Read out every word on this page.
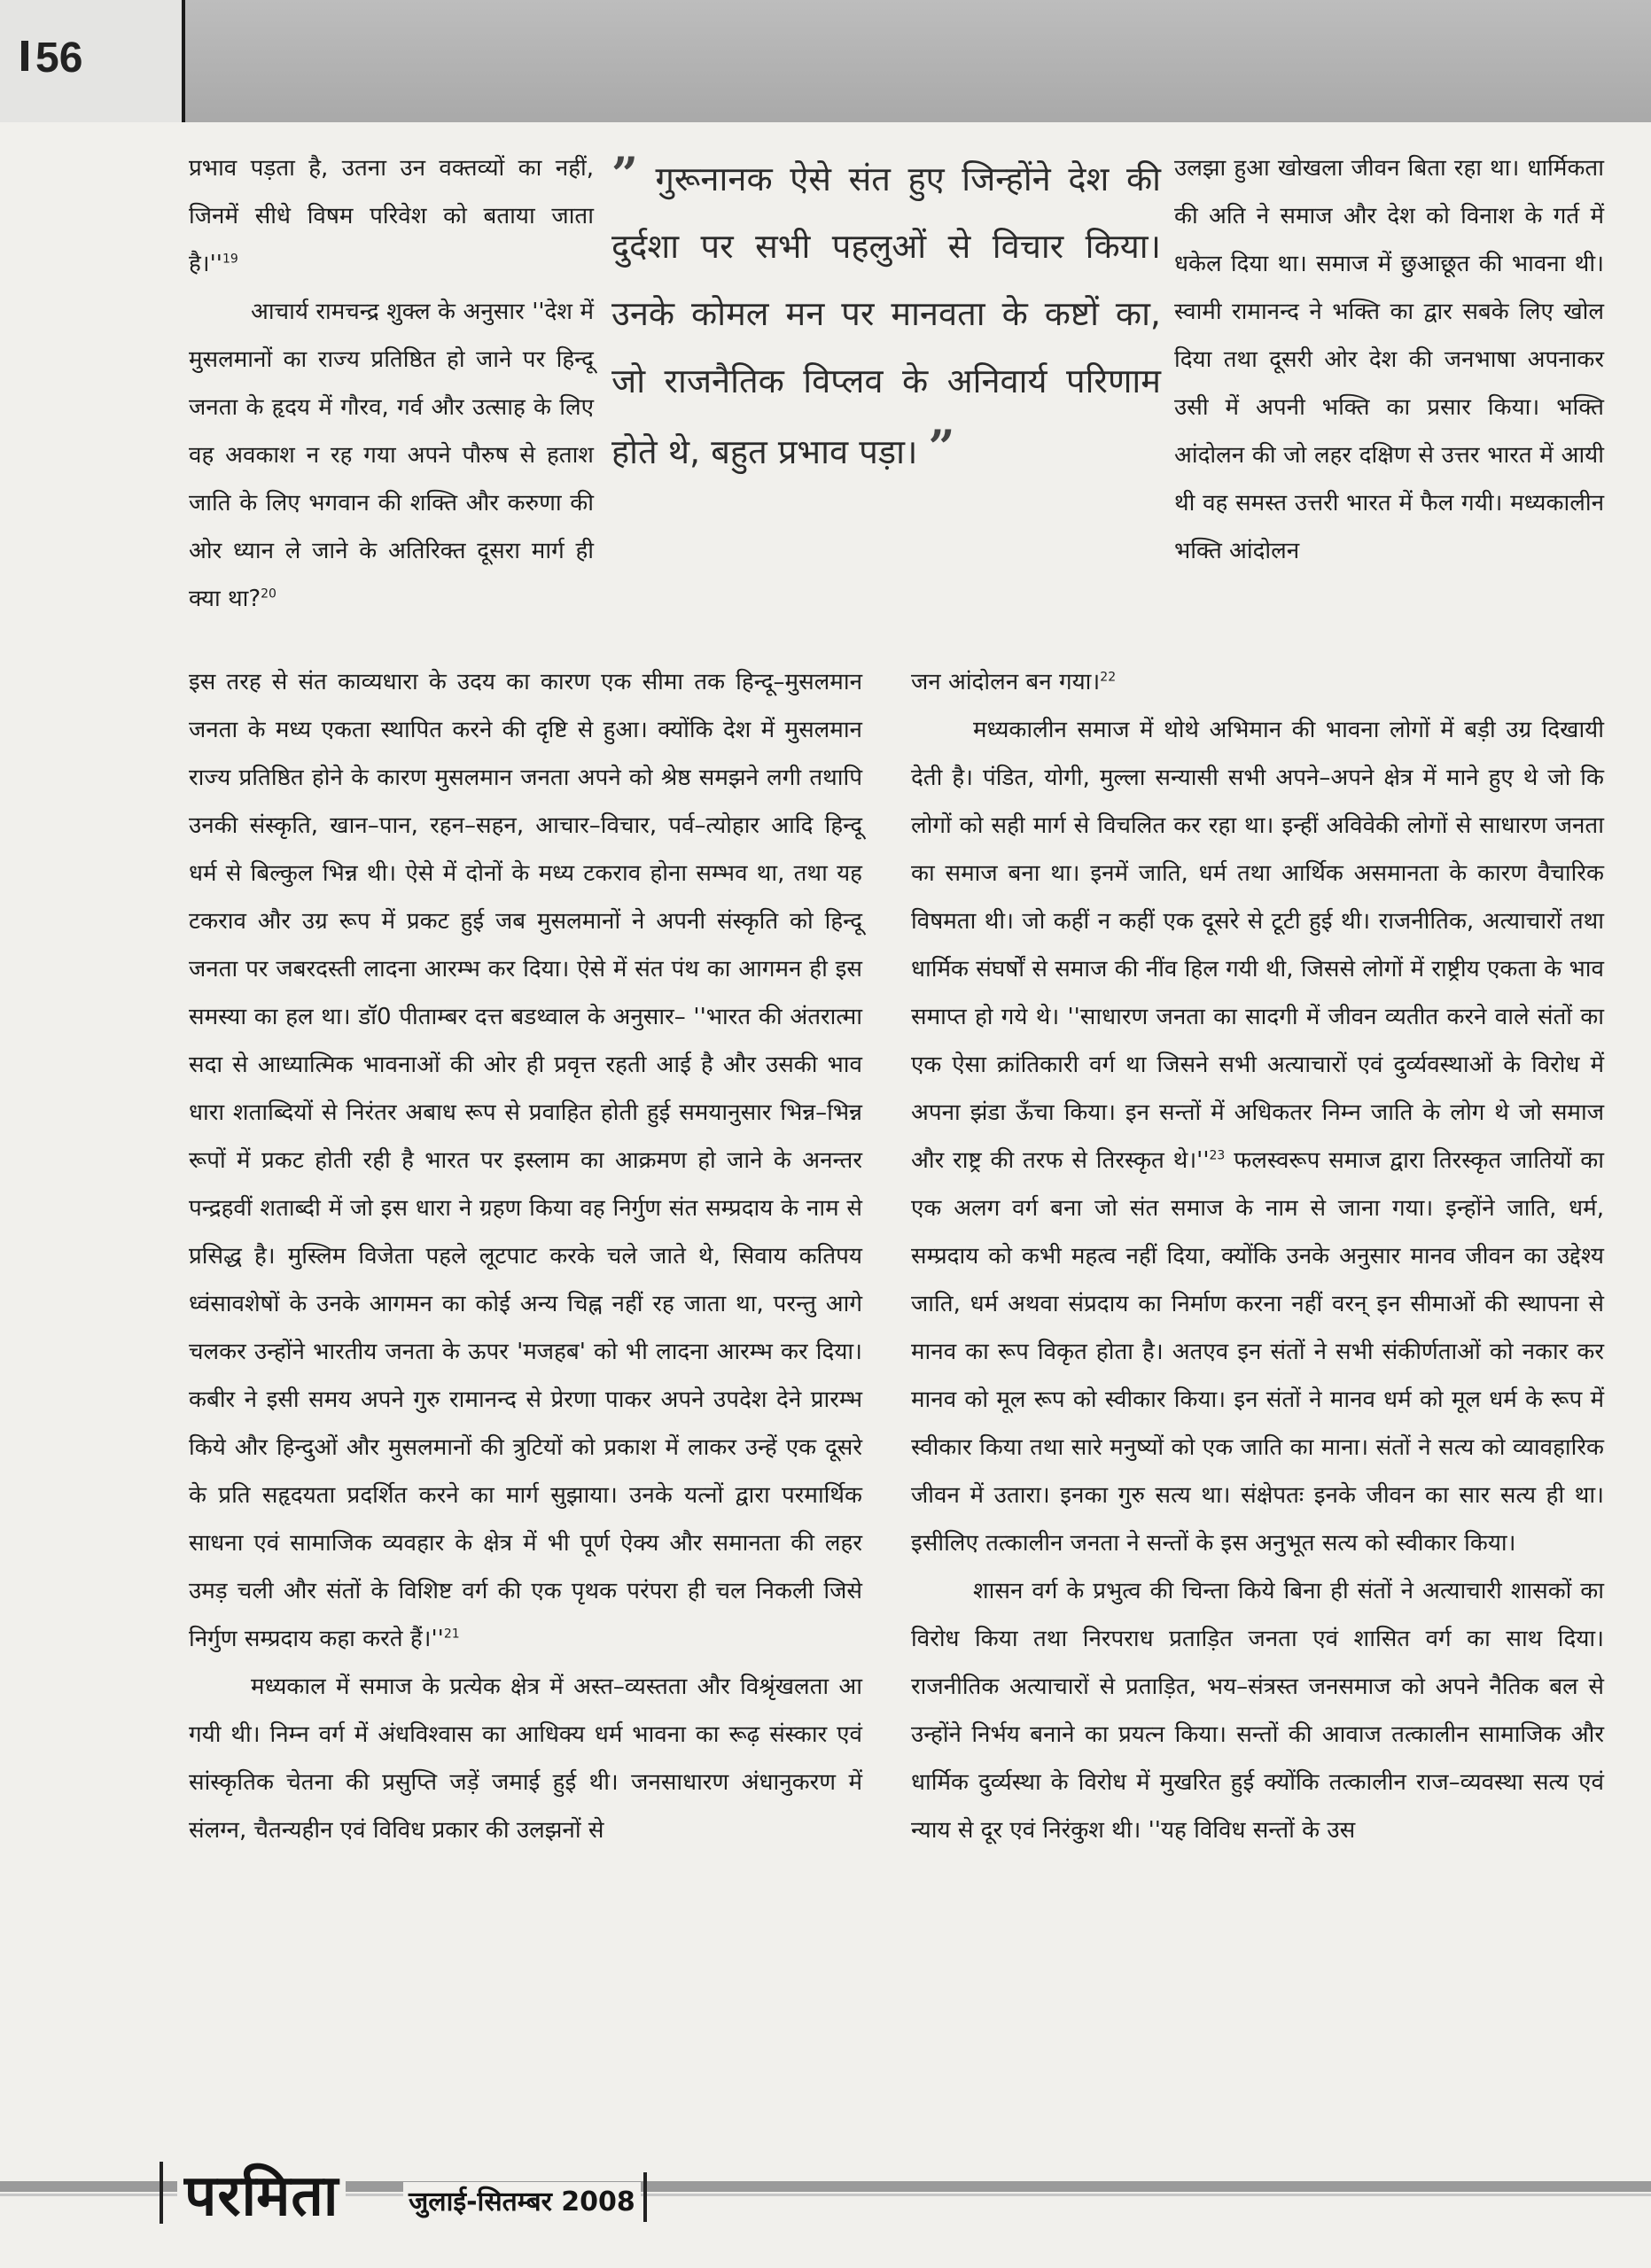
56

प्रभाव पड़ता है, उतना उन वक्तव्यों का नहीं, जिनमें सीधे विषम परिवेश को बताया जाता $है।''^{19}$

आचार्य रामचन्द्र शुक्ल के अनुसार ''देश में मुसलमानों का राज्य प्रतिष्ठित हो जाने पर हिन्दू जनता के हृदय में गौरव, गर्व और उत्साह के लिए वह अवकाश न रह गया अपने पौरुष से हताश जाति के लिए भगवान की शक्ति और करुणा की ओर ध्यान ले जाने के अतिरिक्त दूसरा मार्ग ही क्या था?$^{20}$

” गुरूनानक ऐसे संत हुए जिन्होंने देश की दुर्दशा पर सभी पहलुओं से विचार किया। उनके कोमल मन पर मानवता के कष्टों का, जो राजनैतिक विप्लव के अनिवार्य परिणाम होते थे, बहुत प्रभाव पड़ा। ”

उलझा हुआ खोखला जीवन बिता रहा था। धार्मिकता की अति ने समाज और देश को विनाश के गर्त में धकेल दिया था। समाज में छुआछूत की भावना थी। स्वामी रामानन्द ने भक्ति का द्वार सबके लिए खोल दिया तथा दूसरी ओर देश की जनभाषा अपनाकर उसी में अपनी भक्ति का प्रसार किया। भक्ति आंदोलन की जो लहर दक्षिण से उत्तर भारत में आयी थी वह समस्त उत्तरी भारत में फैल गयी। मध्यकालीन भक्ति आंदोलन

इस तरह से संत काव्यधारा के उदय का कारण एक सीमा तक हिन्दू–मुसलमान जनता के मध्य एकता स्थापित करने की दृष्टि से हुआ। क्योंकि देश में मुसलमान राज्य प्रतिष्ठित होने के कारण मुसलमान जनता अपने को श्रेष्ठ समझने लगी तथापि उनकी संस्कृति, खान–पान, रहन–सहन, आचार–विचार, पर्व–त्योहार आदि हिन्दू धर्म से बिल्कुल भिन्न थी। ऐसे में दोनों के मध्य टकराव होना सम्भव था, तथा यह टकराव और उग्र रूप में प्रकट हुई जब मुसलमानों ने अपनी संस्कृति को हिन्दू जनता पर जबरदस्ती लादना आरम्भ कर दिया। ऐसे में संत पंथ का आगमन ही इस समस्या का हल था। डॉ0 पीताम्बर दत्त बडथ्वाल के अनुसार– ''भारत की अंतरात्मा सदा से आध्यात्मिक भावनाओं की ओर ही प्रवृत्त रहती आई है और उसकी भाव धारा शताब्दियों से निरंतर अबाध रूप से प्रवाहित होती हुई समयानुसार भिन्न–भिन्न रूपों में प्रकट होती रही है भारत पर इस्लाम का आक्रमण हो जाने के अनन्तर पन्द्रहवीं शताब्दी में जो इस धारा ने ग्रहण किया वह निर्गुण संत सम्प्रदाय के नाम से प्रसिद्ध है। मुस्लिम विजेता पहले लूटपाट करके चले जाते थे, सिवाय कतिपय ध्वंसावशेषों के उनके आगमन का कोई अन्य चिह्न नहीं रह जाता था, परन्तु आगे चलकर उन्होंने भारतीय जनता के ऊपर 'मजहब' को भी लादना आरम्भ कर दिया। कबीर ने इसी समय अपने गुरु रामानन्द से प्रेरणा पाकर अपने उपदेश देने प्रारम्भ किये और हिन्दुओं और मुसलमानों की त्रुटियों को प्रकाश में लाकर उन्हें एक दूसरे के प्रति सहृदयता प्रदर्शित करने का मार्ग सुझाया। उनके यत्नों द्वारा परमार्थिक साधना एवं सामाजिक व्यवहार के क्षेत्र में भी पूर्ण ऐक्य और समानता की लहर उमड़ चली और संतों के विशिष्ट वर्ग की एक पृथक परंपरा ही चल निकली जिसे निर्गुण सम्प्रदाय कहा करते $हैं।''^{21}$

मध्यकाल में समाज के प्रत्येक क्षेत्र में अस्त–व्यस्तता और विश्रृंखलता आ गयी थी। निम्न वर्ग में अंधविश्वास का आधिक्य धर्म भावना का रूढ़ संस्कार एवं सांस्कृतिक चेतना की प्रसुप्ति जड़ें जमाई हुई थी। जनसाधारण अंधानुकरण में संलग्न, चैतन्यहीन एवं विविध प्रकार की उलझनों से

जन आंदोलन बन गया।$^{22}$

मध्यकालीन समाज में थोथे अभिमान की भावना लोगों में बड़ी उग्र दिखायी देती है। पंडित, योगी, मुल्ला सन्यासी सभी अपने–अपने क्षेत्र में माने हुए थे जो कि लोगों को सही मार्ग से विचलित कर रहा था। इन्हीं अविवेकी लोगों से साधारण जनता का समाज बना था। इनमें जाति, धर्म तथा आर्थिक असमानता के कारण वैचारिक विषमता थी। जो कहीं न कहीं एक दूसरे से टूटी हुई थी। राजनीतिक, अत्याचारों तथा धार्मिक संघर्षों से समाज की नींव हिल गयी थी, जिससे लोगों में राष्ट्रीय एकता के भाव समाप्त हो गये थे। ''साधारण जनता का सादगी में जीवन व्यतीत करने वाले संतों का एक ऐसा क्रांतिकारी वर्ग था जिसने सभी अत्याचारों एवं दुर्व्यवस्थाओं के विरोध में अपना झंडा ऊँचा किया। इन सन्तों में अधिकतर निम्न जाति के लोग थे जो समाज और राष्ट्र की तरफ से तिरस्कृत $थे।''^{23}$ फलस्वरूप समाज द्वारा तिरस्कृत जातियों का एक अलग वर्ग बना जो संत समाज के नाम से जाना गया। इन्होंने जाति, धर्म, सम्प्रदाय को कभी महत्व नहीं दिया, क्योंकि उनके अनुसार मानव जीवन का उद्देश्य जाति, धर्म अथवा संप्रदाय का निर्माण करना नहीं वरन् इन सीमाओं की स्थापना से मानव का रूप विकृत होता है। अतएव इन संतों ने सभी संकीर्णताओं को नकार कर मानव को मूल रूप को स्वीकार किया। इन संतों ने मानव धर्म को मूल धर्म के रूप में स्वीकार किया तथा सारे मनुष्यों को एक जाति का माना। संतों ने सत्य को व्यावहारिक जीवन में उतारा। इनका गुरु सत्य था। संक्षेपतः इनके जीवन का सार सत्य ही था। इसीलिए तत्कालीन जनता ने सन्तों के इस अनुभूत सत्य को स्वीकार किया।

शासन वर्ग के प्रभुत्व की चिन्ता किये बिना ही संतों ने अत्याचारी शासकों का विरोध किया तथा निरपराध प्रताड़ित जनता एवं शासित वर्ग का साथ दिया। राजनीतिक अत्याचारों से प्रताड़ित, भय–संत्रस्त जनसमाज को अपने नैतिक बल से उन्होंने निर्भय बनाने का प्रयत्न किया। सन्तों की आवाज तत्कालीन सामाजिक और धार्मिक दुर्व्यस्था के विरोध में मुखरित हुई क्योंकि तत्कालीन राज–व्यवस्था सत्य एवं न्याय से दूर एवं निरंकुश थी। ''यह विविध सन्तों के उस

परमिता	जुलाई-सितम्बर 2008
